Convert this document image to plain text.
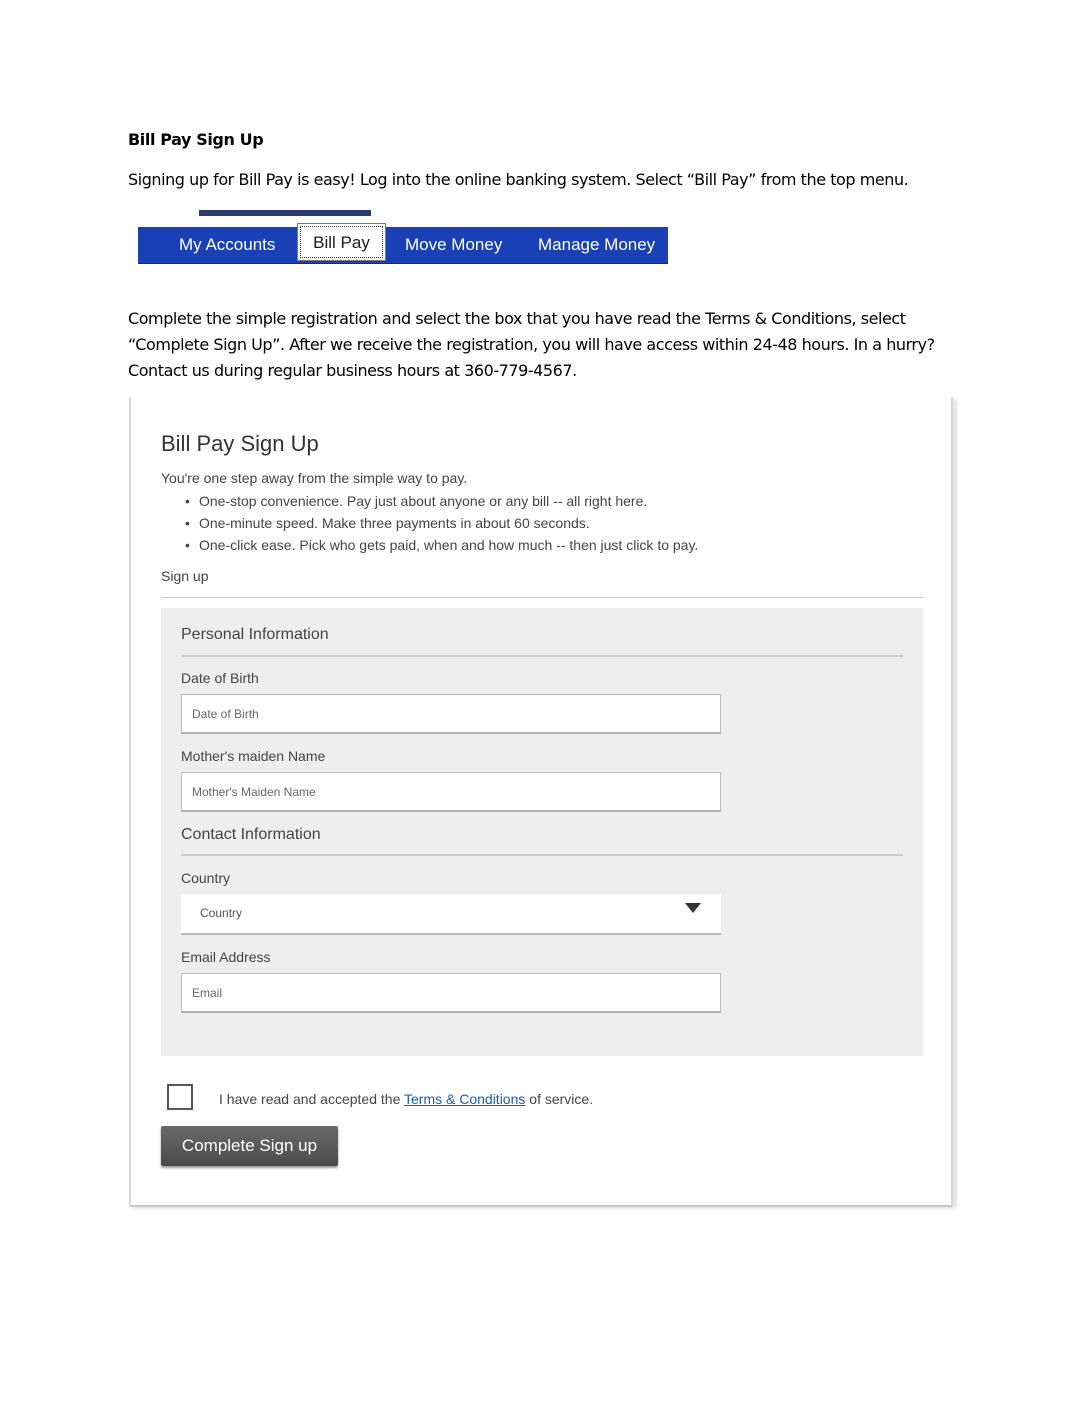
Bill Pay Sign Up
Signing up for Bill Pay is easy! Log into the online banking system. Select “Bill Pay” from the top menu.
My Accounts	Bill Pay	Move Money Manage Money
Complete the simple registration and select the box that you have read the Terms & Conditions, select “Complete Sign Up”. After we receive the registration, you will have access within 24-48 hours. In a hurry? Contact us during regular business hours at 360-779-4567.
Bill Pay Sign Up
You're one step away from the simple way to pay.
• One-stop convenience. Pay just about anyone or any bill -- all right here.
• One-minute speed. Make three payments in about 60 seconds.
• One-click ease. Pick who gets paid, when and how much -- then just click to pay.
Sign up
Personal Information
Date of Birth
Date of Birth
Mother's maiden Name
Mother's Maiden Name
Contact Information
Country
Country
Email Address
Email
I have read and accepted the Terms & Conditions of service.
Complete Sign up
